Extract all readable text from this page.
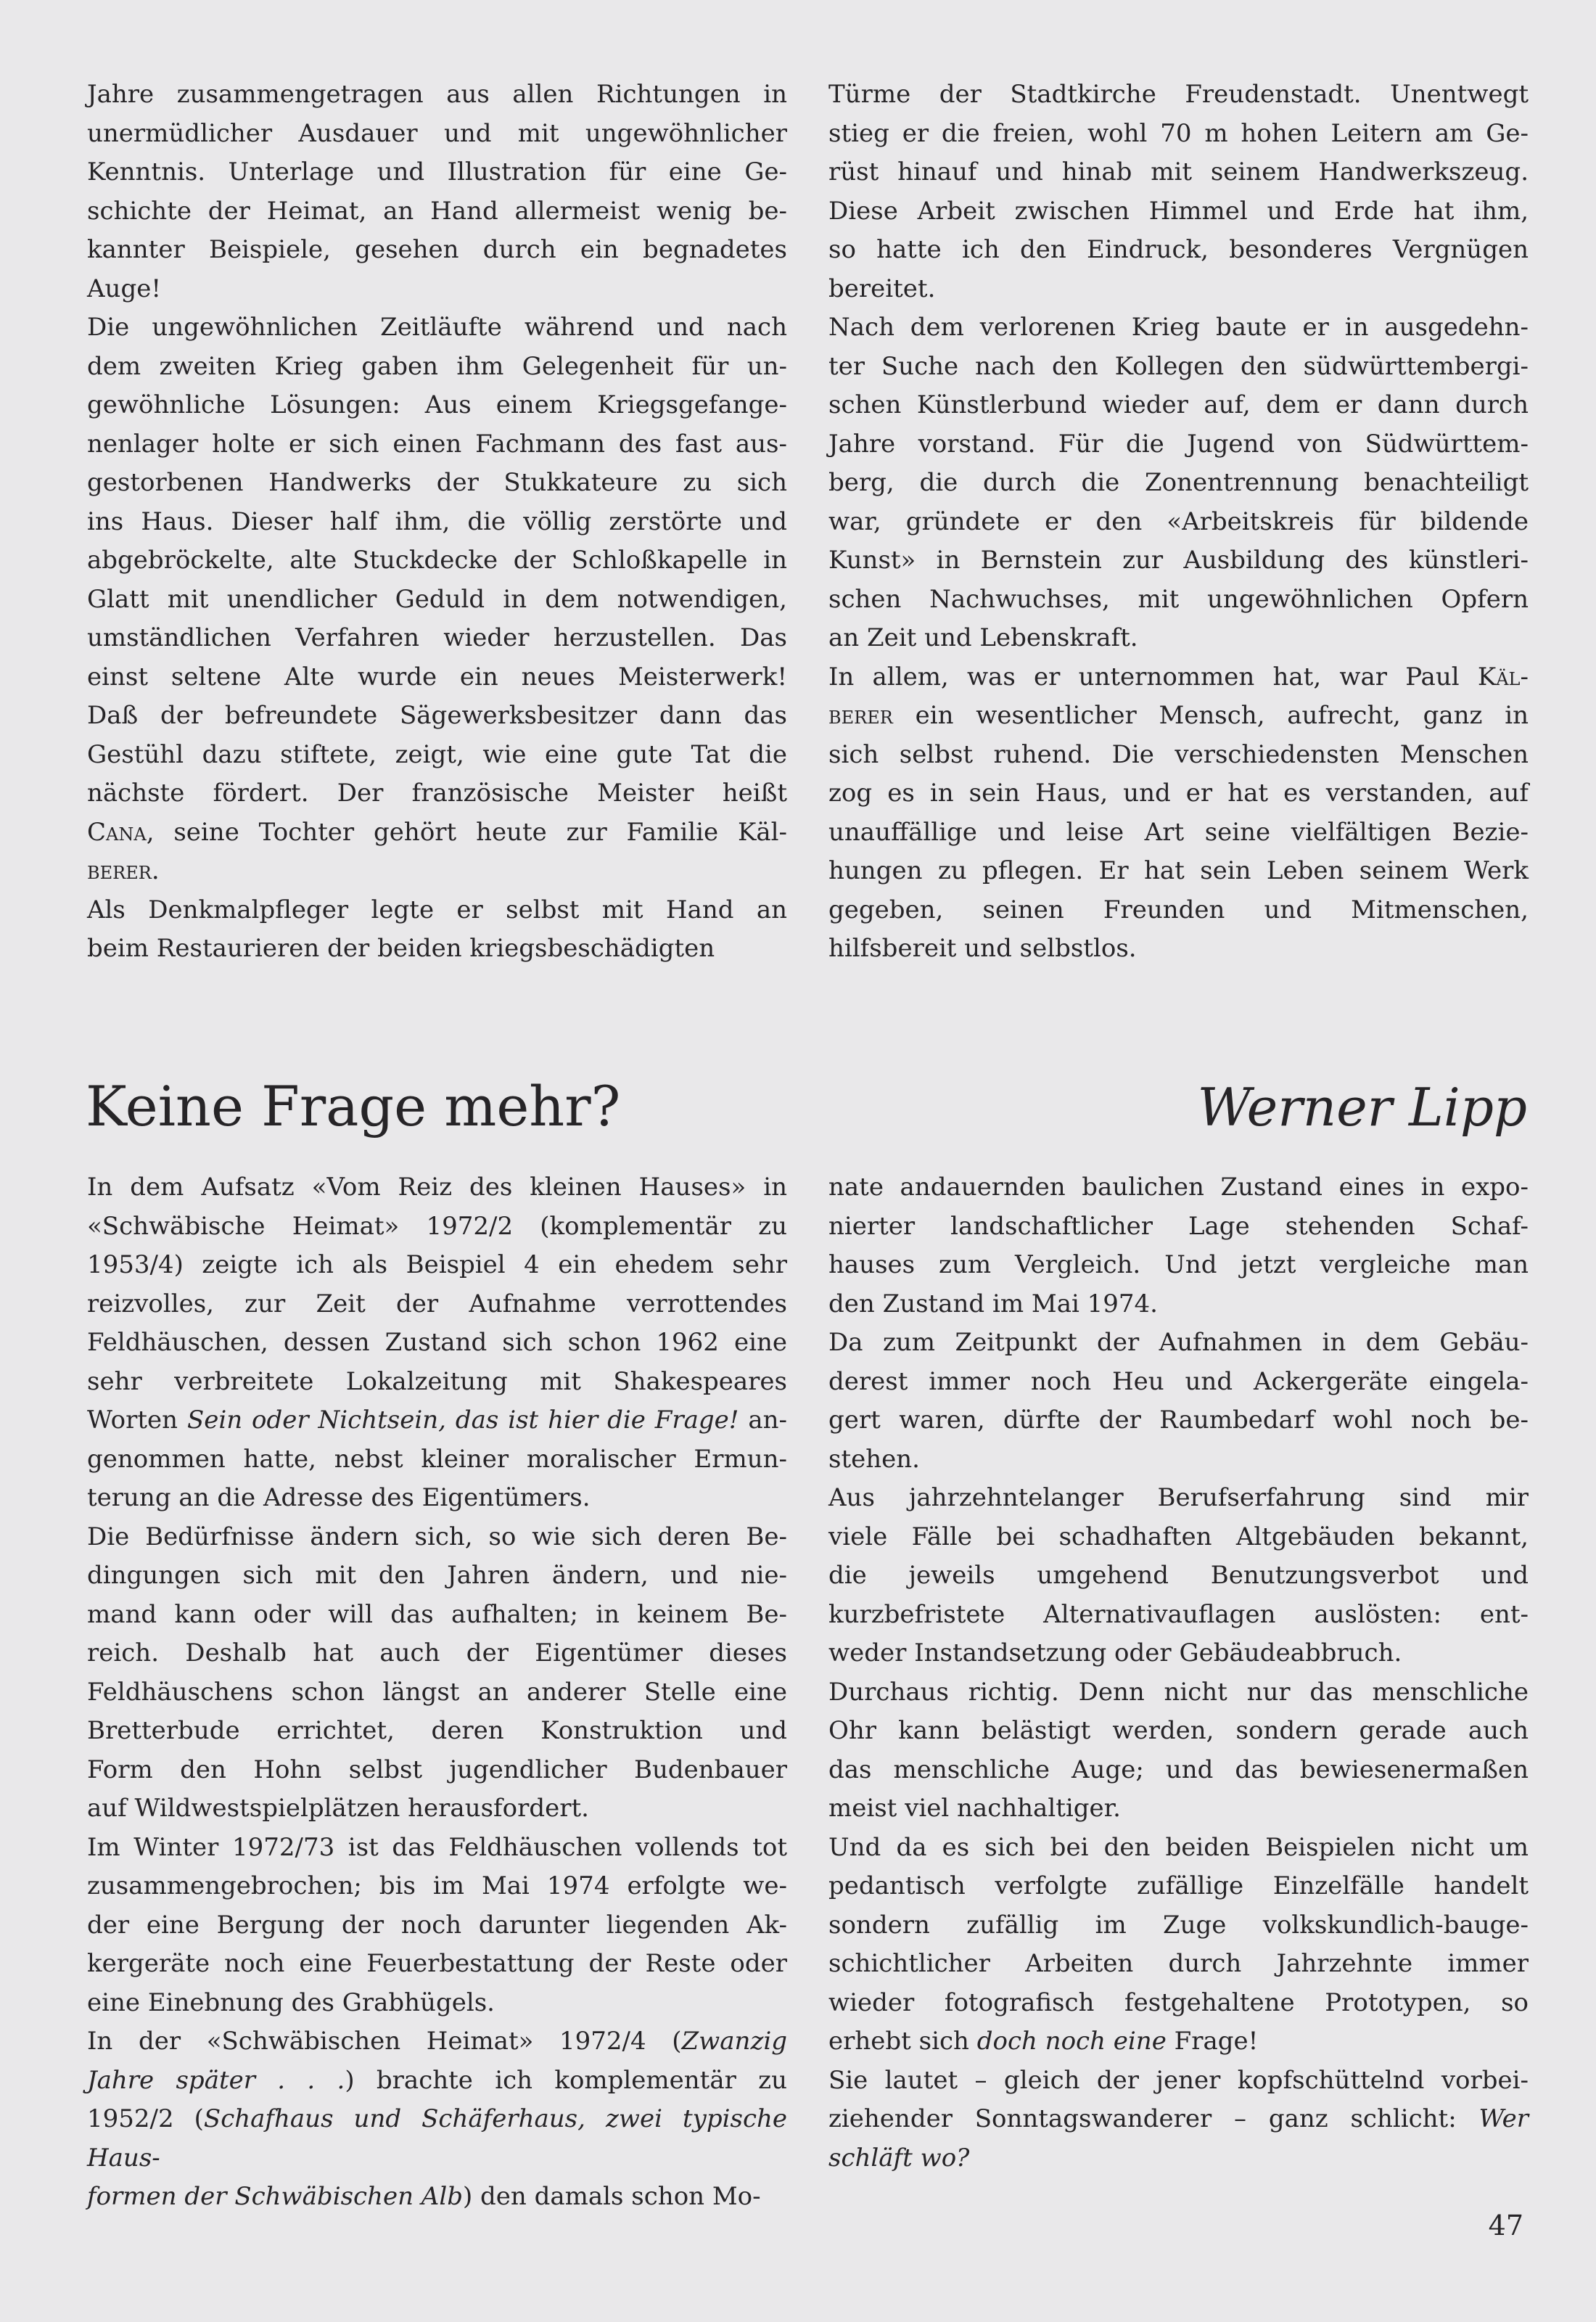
Jahre zusammengetragen aus allen Richtungen in
unermüdlicher Ausdauer und mit ungewöhnlicher
Kenntnis. Unterlage und Illustration für eine Ge-
schichte der Heimat, an Hand allermeist wenig be-
kannter Beispiele, gesehen durch ein begnadetes
Auge!

Die ungewöhnlichen Zeitläufte während und nach
dem zweiten Krieg gaben ihm Gelegenheit für un-
gewöhnliche Lösungen: Aus einem Kriegsgefange-
nenlager holte er sich einen Fachmann des fast aus-
gestorbenen Handwerks der Stukkateure zu sich
ins Haus. Dieser half ihm, die völlig zerstörte und
abgebröckelte, alte Stuckdecke der Schloßkapelle in
Glatt mit unendlicher Geduld in dem notwendigen,
umständlichen Verfahren wieder herzustellen. Das
einst seltene Alte wurde ein neues Meisterwerk!
Daß der befreundete Sägewerksbesitzer dann das
Gestühl dazu stiftete, zeigt, wie eine gute Tat die
nächste fördert. Der französische Meister heißt
Cana, seine Tochter gehört heute zur Familie Käl-
berer.

Als Denkmalpfleger legte er selbst mit Hand an
beim Restaurieren der beiden kriegsbeschädigten

Türme der Stadtkirche Freudenstadt. Unentwegt
stieg er die freien, wohl 70 m hohen Leitern am Ge-
rüst hinauf und hinab mit seinem Handwerkszeug.
Diese Arbeit zwischen Himmel und Erde hat ihm,
so hatte ich den Eindruck, besonderes Vergnügen
bereitet.

Nach dem verlorenen Krieg baute er in ausgedehn-
ter Suche nach den Kollegen den südwürttembergi-
schen Künstlerbund wieder auf, dem er dann durch
Jahre vorstand. Für die Jugend von Südwürttem-
berg, die durch die Zonentrennung benachteiligt
war, gründete er den «Arbeitskreis für bildende
Kunst» in Bernstein zur Ausbildung des künstleri-
schen Nachwuchses, mit ungewöhnlichen Opfern
an Zeit und Lebenskraft.

In allem, was er unternommen hat, war Paul Käl-
berer ein wesentlicher Mensch, aufrecht, ganz in
sich selbst ruhend. Die verschiedensten Menschen
zog es in sein Haus, und er hat es verstanden, auf
unauffällige und leise Art seine vielfältigen Bezie-
hungen zu pflegen. Er hat sein Leben seinem Werk
gegeben, seinen Freunden und Mitmenschen,
hilfsbereit und selbstlos.

Keine Frage mehr?	Werner Lipp

In dem Aufsatz «Vom Reiz des kleinen Hauses» in
«Schwäbische Heimat» 1972/2 (komplementär zu
1953/4) zeigte ich als Beispiel 4 ein ehedem sehr
reizvolles, zur Zeit der Aufnahme verrottendes
Feldhäuschen, dessen Zustand sich schon 1962 eine
sehr verbreitete Lokalzeitung mit Shakespeares
Worten Sein oder Nichtsein, das ist hier die Frage! an-
genommen hatte, nebst kleiner moralischer Ermun-
terung an die Adresse des Eigentümers.

Die Bedürfnisse ändern sich, so wie sich deren Be-
dingungen sich mit den Jahren ändern, und nie-
mand kann oder will das aufhalten; in keinem Be-
reich. Deshalb hat auch der Eigentümer dieses
Feldhäuschens schon längst an anderer Stelle eine
Bretterbude errichtet, deren Konstruktion und
Form den Hohn selbst jugendlicher Budenbauer
auf Wildwestspielplätzen herausfordert.

Im Winter 1972/73 ist das Feldhäuschen vollends tot
zusammengebrochen; bis im Mai 1974 erfolgte we-
der eine Bergung der noch darunter liegenden Ak-
kergeräte noch eine Feuerbestattung der Reste oder
eine Einebnung des Grabhügels.

In der «Schwäbischen Heimat» 1972/4 (Zwanzig
Jahre später . . .) brachte ich komplementär zu
1952/2 (Schafhaus und Schäferhaus, zwei typische Haus-
formen der Schwäbischen Alb) den damals schon Mo-

nate andauernden baulichen Zustand eines in expo-
nierter landschaftlicher Lage stehenden Schaf-
hauses zum Vergleich. Und jetzt vergleiche man
den Zustand im Mai 1974.

Da zum Zeitpunkt der Aufnahmen in dem Gebäu-
derest immer noch Heu und Ackergeräte eingela-
gert waren, dürfte der Raumbedarf wohl noch be-
stehen.

Aus jahrzehntelanger Berufserfahrung sind mir
viele Fälle bei schadhaften Altgebäuden bekannt,
die jeweils umgehend Benutzungsverbot und
kurzbefristete Alternativauflagen auslösten: ent-
weder Instandsetzung oder Gebäudeabbruch.

Durchaus richtig. Denn nicht nur das menschliche
Ohr kann belästigt werden, sondern gerade auch
das menschliche Auge; und das bewiesenermaßen
meist viel nachhaltiger.

Und da es sich bei den beiden Beispielen nicht um
pedantisch verfolgte zufällige Einzelfälle handelt
sondern zufällig im Zuge volkskundlich-bauge-
schichtlicher Arbeiten durch Jahrzehnte immer
wieder fotografisch festgehaltene Prototypen, so
erhebt sich doch noch eine Frage!

Sie lautet – gleich der jener kopfschüttelnd vorbei-
ziehender Sonntagswanderer – ganz schlicht: Wer
schläft wo?

47
